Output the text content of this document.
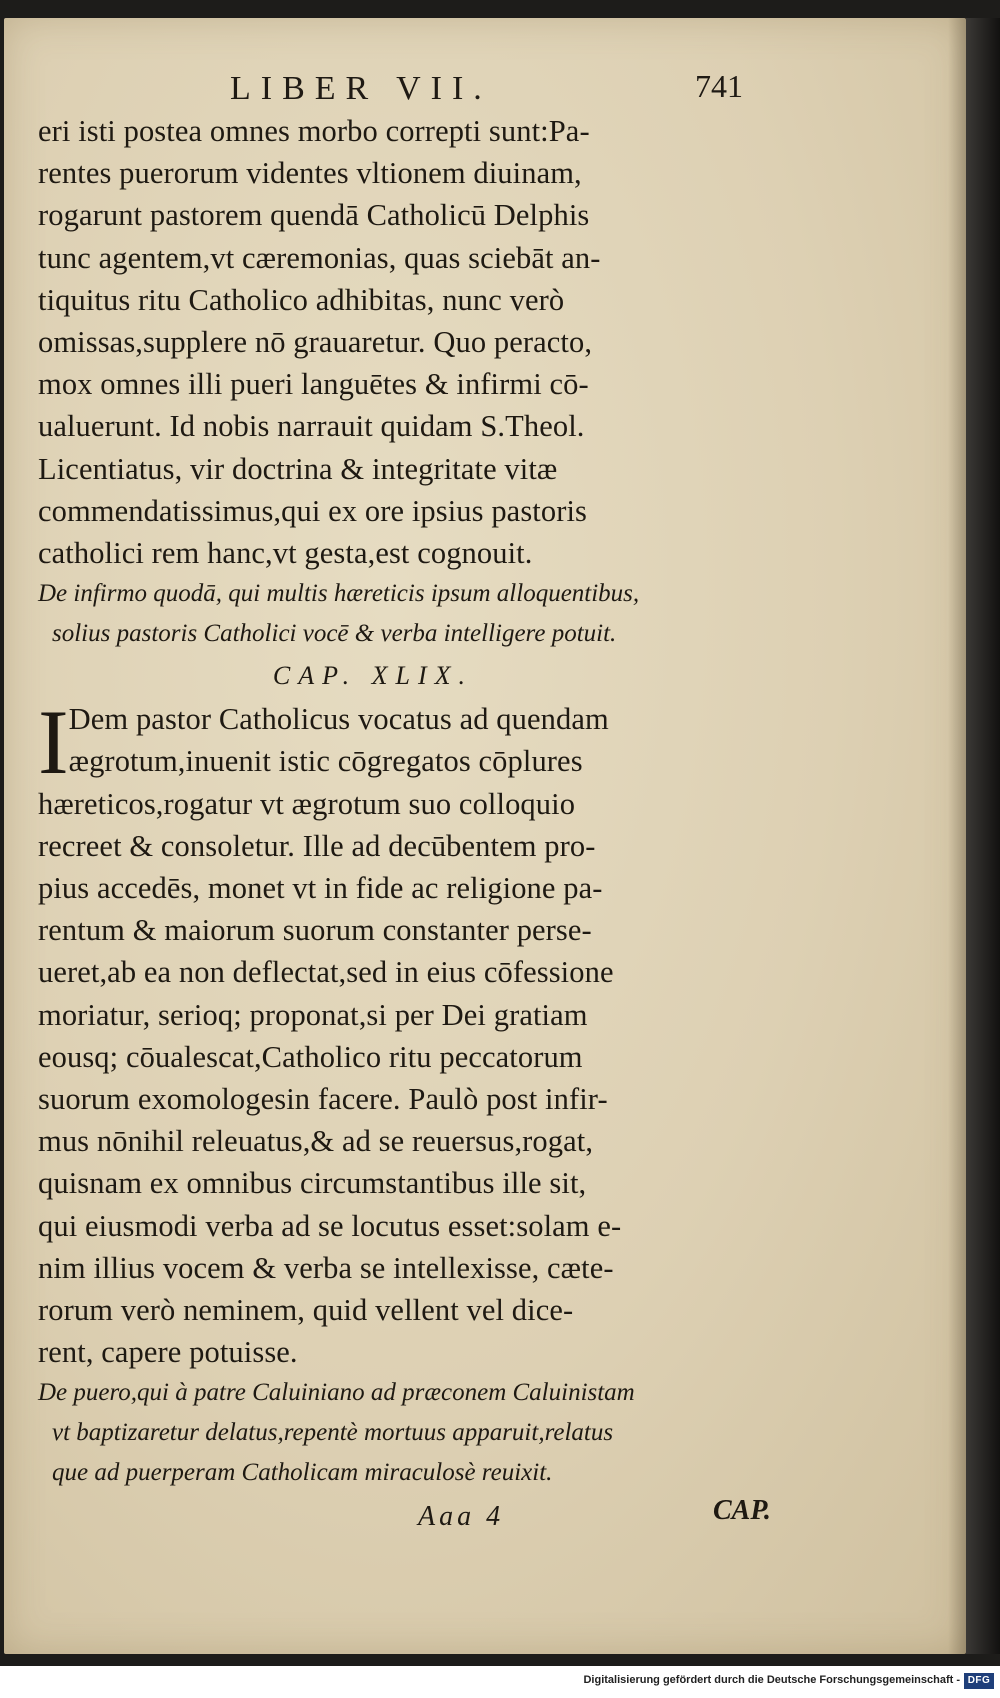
LIBER VII.	741
eri isti postea omnes morbo correpti sunt:Pa-
rentes puerorum videntes vltionem diuinam,
rogarunt pastorem quendā Catholicū Delphis
tunc agentem,vt cæremonias, quas sciebāt an-
tiquitus ritu Catholico adhibitas, nunc verò
omissas,supplere nō grauaretur. Quo peracto,
mox omnes illi pueri languētes & infirmi cō-
ualuerunt. Id nobis narrauit quidam S.Theol.
Licentiatus, vir doctrina & integritate vitæ
commendatissimus,qui ex ore ipsius pastoris
catholici rem hanc,vt gesta,est cognouit.
De infirmo quodā, qui multis hæreticis ipsum alloquentibus,
solius pastoris Catholici vocē & verba intelligere potuit.
CAP. XLIX.
I Dem pastor Catholicus vocatus ad quendam
ægrotum,inuenit istic cōgregatos cōplures
hæreticos,rogatur vt ægrotum suo colloquio
recreet & consoletur. Ille ad decūbentem pro-
pius accedēs, monet vt in fide ac religione pa-
rentum & maiorum suorum constanter perse-
ueret,ab ea non deflectat,sed in eius cōfessione
moriatur, serioq; proponat,si per Dei gratiam
eousq; cōualescat,Catholico ritu peccatorum
suorum exomologesin facere. Paulò post infir-
mus nōnihil releuatus,& ad se reuersus,rogat,
quisnam ex omnibus circumstantibus ille sit,
qui eiusmodi verba ad se locutus esset:solam e-
nim illius vocem & verba se intellexisse, cæte-
rorum verò neminem, quid vellent vel dice-
rent, capere potuisse.
De puero,qui à patre Caluiniano ad præconem Caluinistam
vt baptizaretur delatus,repentè mortuus apparuit,relatus
que ad puerperam Catholicam miraculosè reuixit.
Aaa 4	CAP.
Digitalisierung gefördert durch die Deutsche Forschungsgemeinschaft - DFG
